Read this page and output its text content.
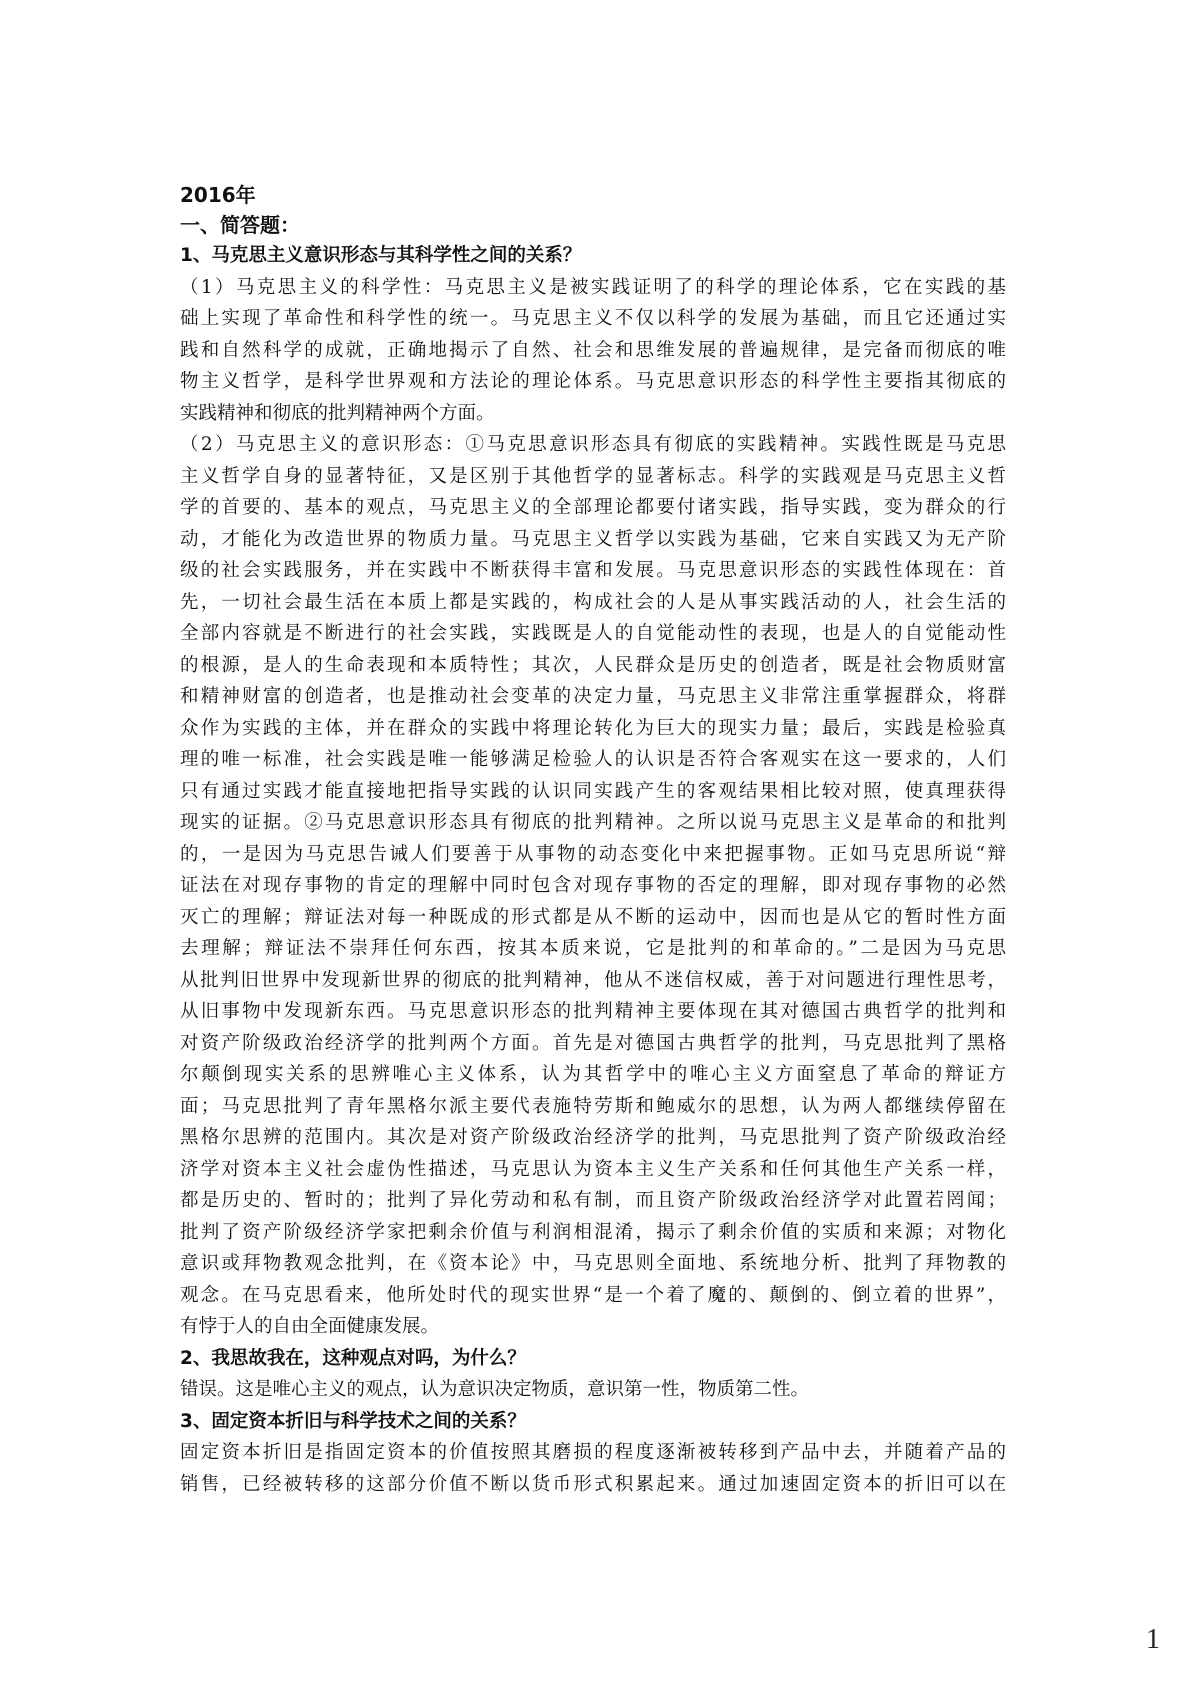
2016年
一、简答题：
1、马克思主义意识形态与其科学性之间的关系？
（1）马克思主义的科学性：马克思主义是被实践证明了的科学的理论体系，它在实践的基
础上实现了革命性和科学性的统一。马克思主义不仅以科学的发展为基础，而且它还通过实
践和自然科学的成就，正确地揭示了自然、社会和思维发展的普遍规律，是完备而彻底的唯
物主义哲学，是科学世界观和方法论的理论体系。马克思意识形态的科学性主要指其彻底的
实践精神和彻底的批判精神两个方面。
（2）马克思主义的意识形态：①马克思意识形态具有彻底的实践精神。实践性既是马克思
主义哲学自身的显著特征，又是区别于其他哲学的显著标志。科学的实践观是马克思主义哲
学的首要的、基本的观点，马克思主义的全部理论都要付诸实践，指导实践，变为群众的行
动，才能化为改造世界的物质力量。马克思主义哲学以实践为基础，它来自实践又为无产阶
级的社会实践服务，并在实践中不断获得丰富和发展。马克思意识形态的实践性体现在：首
先，一切社会最生活在本质上都是实践的，构成社会的人是从事实践活动的人，社会生活的
全部内容就是不断进行的社会实践，实践既是人的自觉能动性的表现，也是人的自觉能动性
的根源，是人的生命表现和本质特性；其次，人民群众是历史的创造者，既是社会物质财富
和精神财富的创造者，也是推动社会变革的决定力量，马克思主义非常注重掌握群众，将群
众作为实践的主体，并在群众的实践中将理论转化为巨大的现实力量；最后，实践是检验真
理的唯一标准，社会实践是唯一能够满足检验人的认识是否符合客观实在这一要求的，人们
只有通过实践才能直接地把指导实践的认识同实践产生的客观结果相比较对照，使真理获得
现实的证据。②马克思意识形态具有彻底的批判精神。之所以说马克思主义是革命的和批判
的，一是因为马克思告诫人们要善于从事物的动态变化中来把握事物。正如马克思所说“辩
证法在对现存事物的肯定的理解中同时包含对现存事物的否定的理解，即对现存事物的必然
灭亡的理解；辩证法对每一种既成的形式都是从不断的运动中，因而也是从它的暂时性方面
去理解；辩证法不崇拜任何东西，按其本质来说，它是批判的和革命的。”二是因为马克思
从批判旧世界中发现新世界的彻底的批判精神，他从不迷信权威，善于对问题进行理性思考，
从旧事物中发现新东西。马克思意识形态的批判精神主要体现在其对德国古典哲学的批判和
对资产阶级政治经济学的批判两个方面。首先是对德国古典哲学的批判，马克思批判了黑格
尔颠倒现实关系的思辨唯心主义体系，认为其哲学中的唯心主义方面窒息了革命的辩证方
面；马克思批判了青年黑格尔派主要代表施特劳斯和鲍威尔的思想，认为两人都继续停留在
黑格尔思辨的范围内。其次是对资产阶级政治经济学的批判，马克思批判了资产阶级政治经
济学对资本主义社会虚伪性描述，马克思认为资本主义生产关系和任何其他生产关系一样，
都是历史的、暂时的；批判了异化劳动和私有制，而且资产阶级政治经济学对此置若罔闻；
批判了资产阶级经济学家把剩余价值与利润相混淆，揭示了剩余价值的实质和来源；对物化
意识或拜物教观念批判，在《资本论》中，马克思则全面地、系统地分析、批判了拜物教的
观念。在马克思看来，他所处时代的现实世界“是一个着了魔的、颠倒的、倒立着的世界”，
有悖于人的自由全面健康发展。
2、我思故我在，这种观点对吗，为什么？
错误。这是唯心主义的观点，认为意识决定物质，意识第一性，物质第二性。
3、固定资本折旧与科学技术之间的关系？
固定资本折旧是指固定资本的价值按照其磨损的程度逐渐被转移到产品中去，并随着产品的
销售，已经被转移的这部分价值不断以货币形式积累起来。通过加速固定资本的折旧可以在
1
